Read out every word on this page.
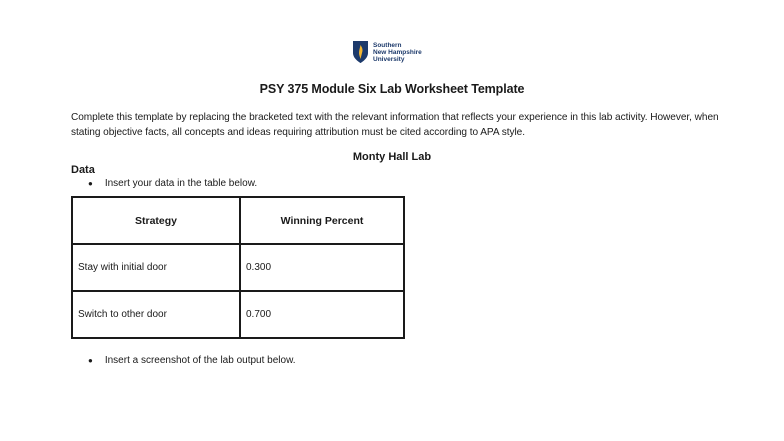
Southern
New Hampshire
University
PSY 375 Module Six Lab Worksheet Template
Complete this template by replacing the bracketed text with the relevant information that reflects your experience in this lab activity. However, when stating objective facts, all concepts and ideas requiring attribution must be cited according to APA style.
Monty Hall Lab
Data
● Insert your data in the table below.
Strategy	Winning Percent
Stay with initial door	0.300
Switch to other door	0.700
● Insert a screenshot of the lab output below.
